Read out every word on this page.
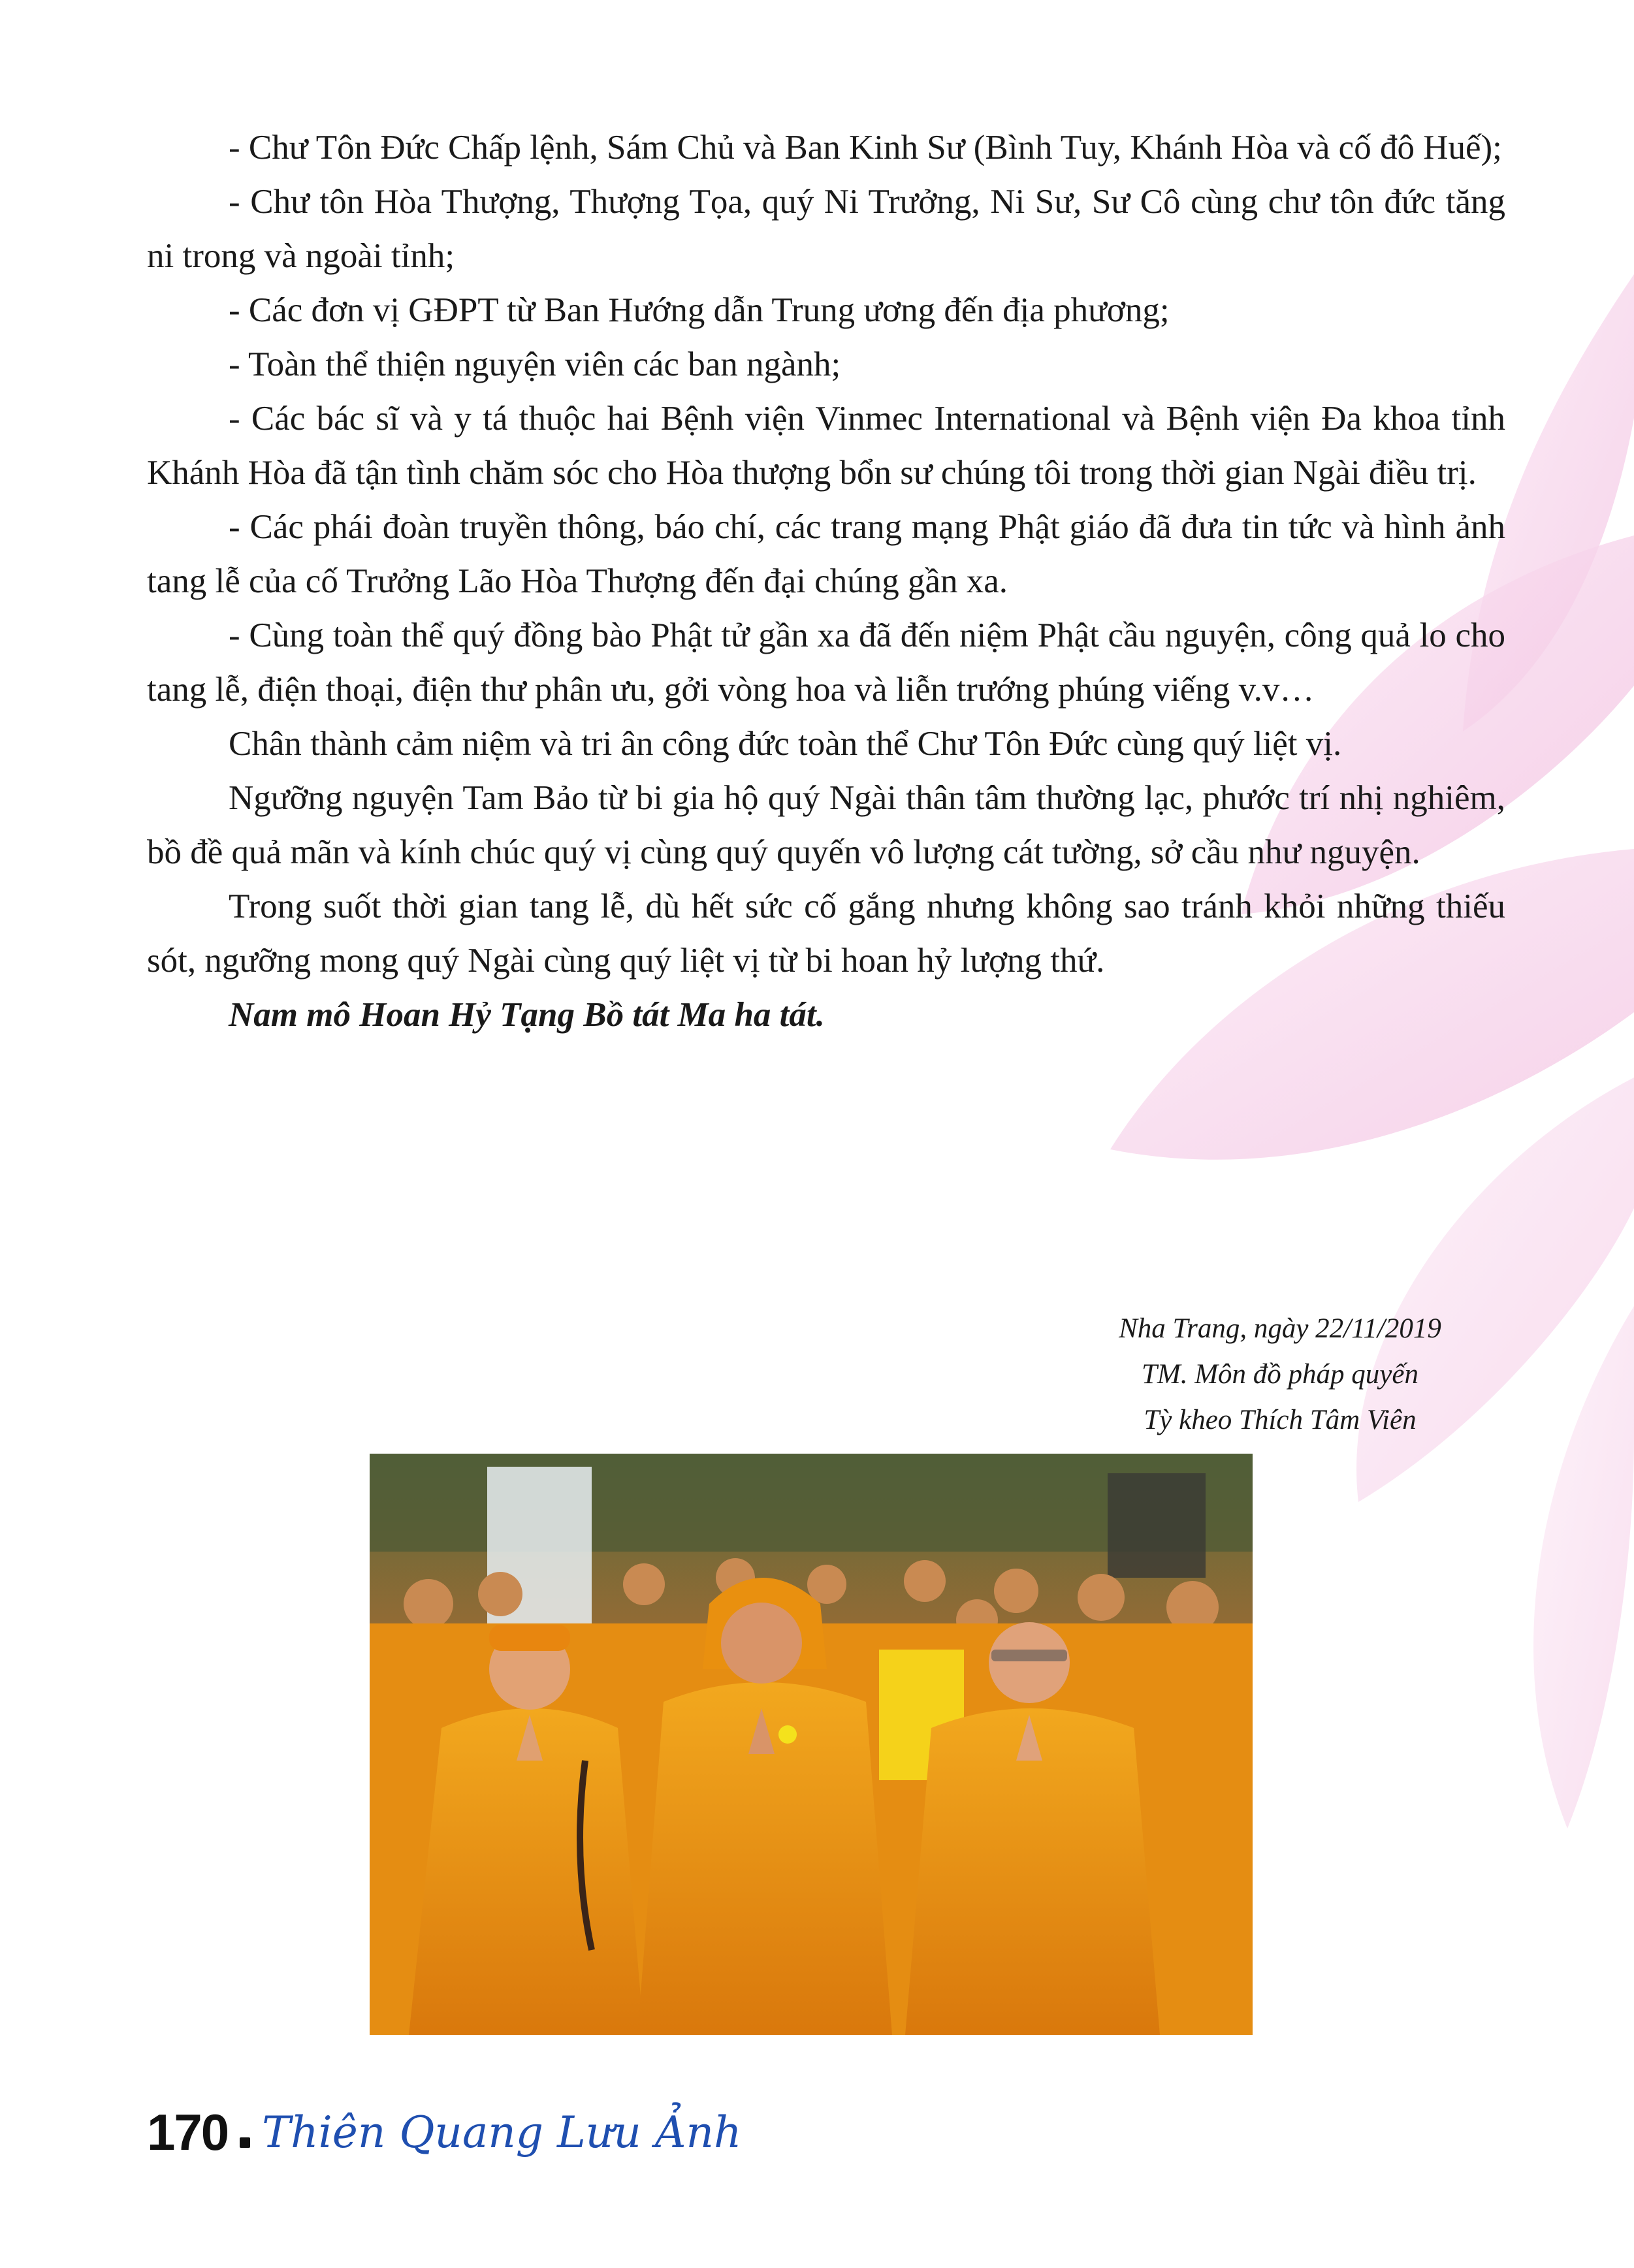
- Chư Tôn Đức Chấp lệnh, Sám Chủ và Ban Kinh Sư (Bình Tuy, Khánh Hòa và cố đô Huế);

- Chư tôn Hòa Thượng, Thượng Tọa, quý Ni Trưởng, Ni Sư, Sư Cô cùng chư tôn đức tăng ni trong và ngoài tỉnh;

- Các đơn vị GĐPT từ Ban Hướng dẫn Trung ương đến địa phương;

- Toàn thể thiện nguyện viên các ban ngành;

- Các bác sĩ và y tá thuộc hai Bệnh viện Vinmec International và Bệnh viện Đa khoa tỉnh Khánh Hòa đã tận tình chăm sóc cho Hòa thượng bổn sư chúng tôi trong thời gian Ngài điều trị.

- Các phái đoàn truyền thông, báo chí, các trang mạng Phật giáo đã đưa tin tức và hình ảnh tang lễ của cố Trưởng Lão Hòa Thượng đến đại chúng gần xa.

- Cùng toàn thể quý đồng bào Phật tử gần xa đã đến niệm Phật cầu nguyện, công quả lo cho tang lễ, điện thoại, điện thư phân ưu, gởi vòng hoa và liễn trướng phúng viếng v.v…

Chân thành cảm niệm và tri ân công đức toàn thể Chư Tôn Đức cùng quý liệt vị.

Ngưỡng nguyện Tam Bảo từ bi gia hộ quý Ngài thân tâm thường lạc, phước trí nhị nghiêm, bồ đề quả mãn và kính chúc quý vị cùng quý quyến vô lượng cát tường, sở cầu như nguyện.

Trong suốt thời gian tang lễ, dù hết sức cố gắng nhưng không sao tránh khỏi những thiếu sót, ngưỡng mong quý Ngài cùng quý liệt vị từ bi hoan hỷ lượng thứ.

Nam mô Hoan Hỷ Tạng Bồ tát Ma ha tát.

Nha Trang, ngày 22/11/2019
TM. Môn đồ pháp quyến
Tỳ kheo Thích Tâm Viên
170 Thiên Quang Lưu Ảnh
